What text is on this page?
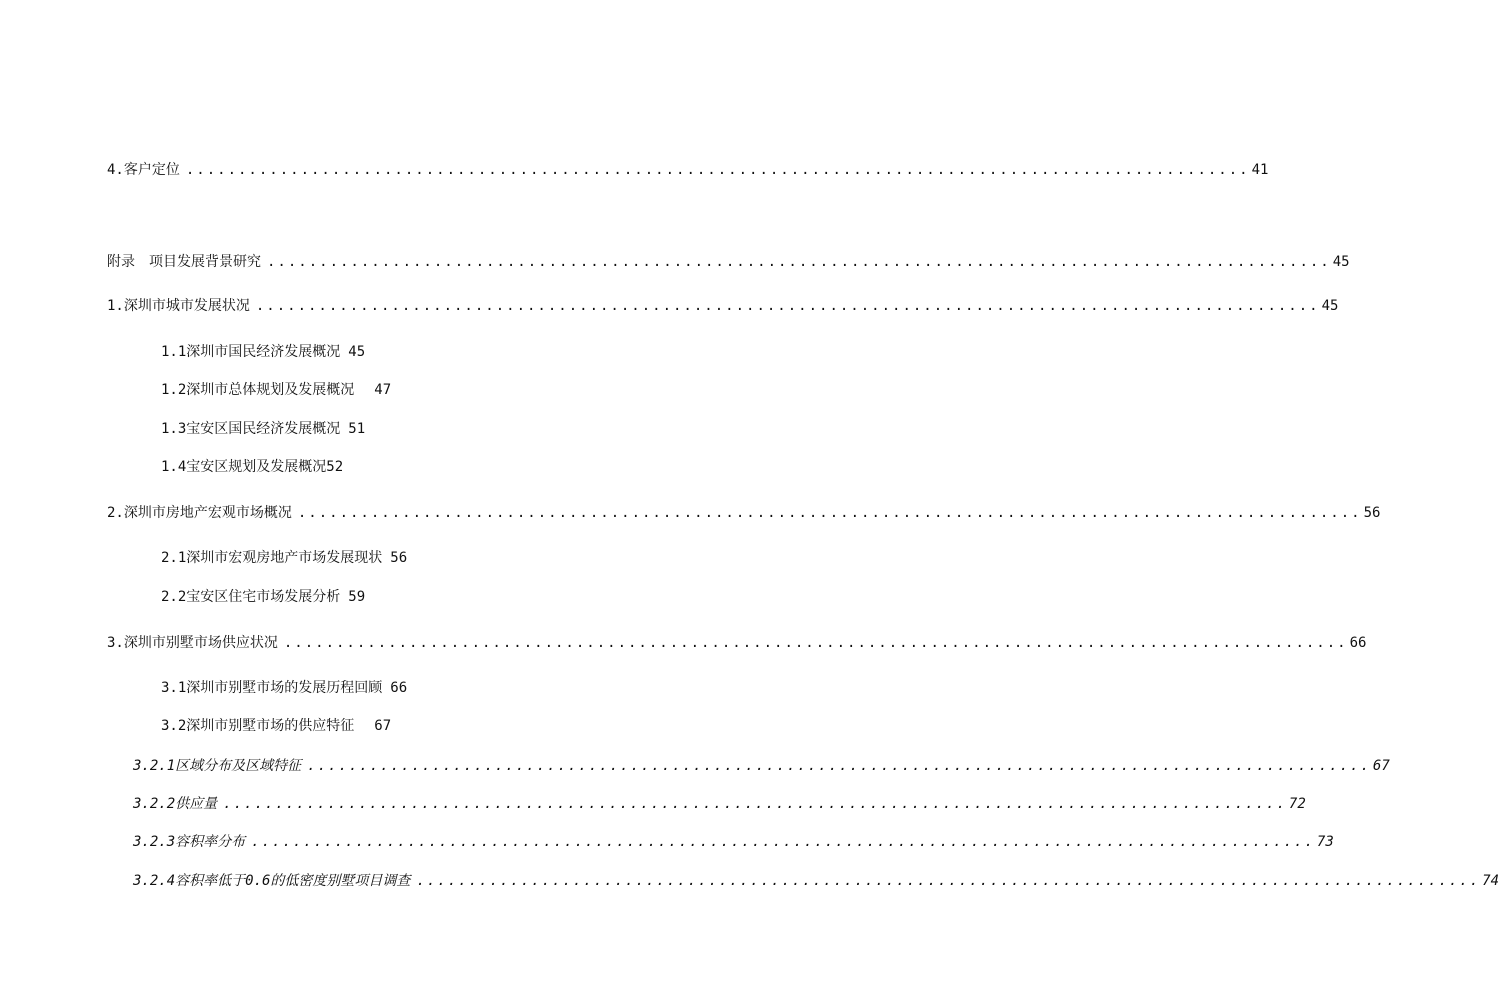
4.客户定位 ...................................................................................................... 41
附录　项目发展背景研究 ...................................................................................................... 45
1.深圳市城市发展状况 ...................................................................................................... 45
1.1深圳市国民经济发展概况 45
1.2深圳市总体规划及发展概况 47
1.3宝安区国民经济发展概况 51
1.4宝安区规划及发展概况 52
2.深圳市房地产宏观市场概况 ...................................................................................................... 56
2.1深圳市宏观房地产市场发展现状 56
2.2宝安区住宅市场发展分析 59
3.深圳市别墅市场供应状况 ...................................................................................................... 66
3.1深圳市别墅市场的发展历程回顾 66
3.2深圳市别墅市场的供应特征 67
3.2.1区域分布及区域特征 ...................................................................................................... 67
3.2.2供应量 ...................................................................................................... 72
3.2.3容积率分布 ...................................................................................................... 73
3.2.4容积率低于0.6的低密度别墅项目调查 ...................................................................................................... 74
